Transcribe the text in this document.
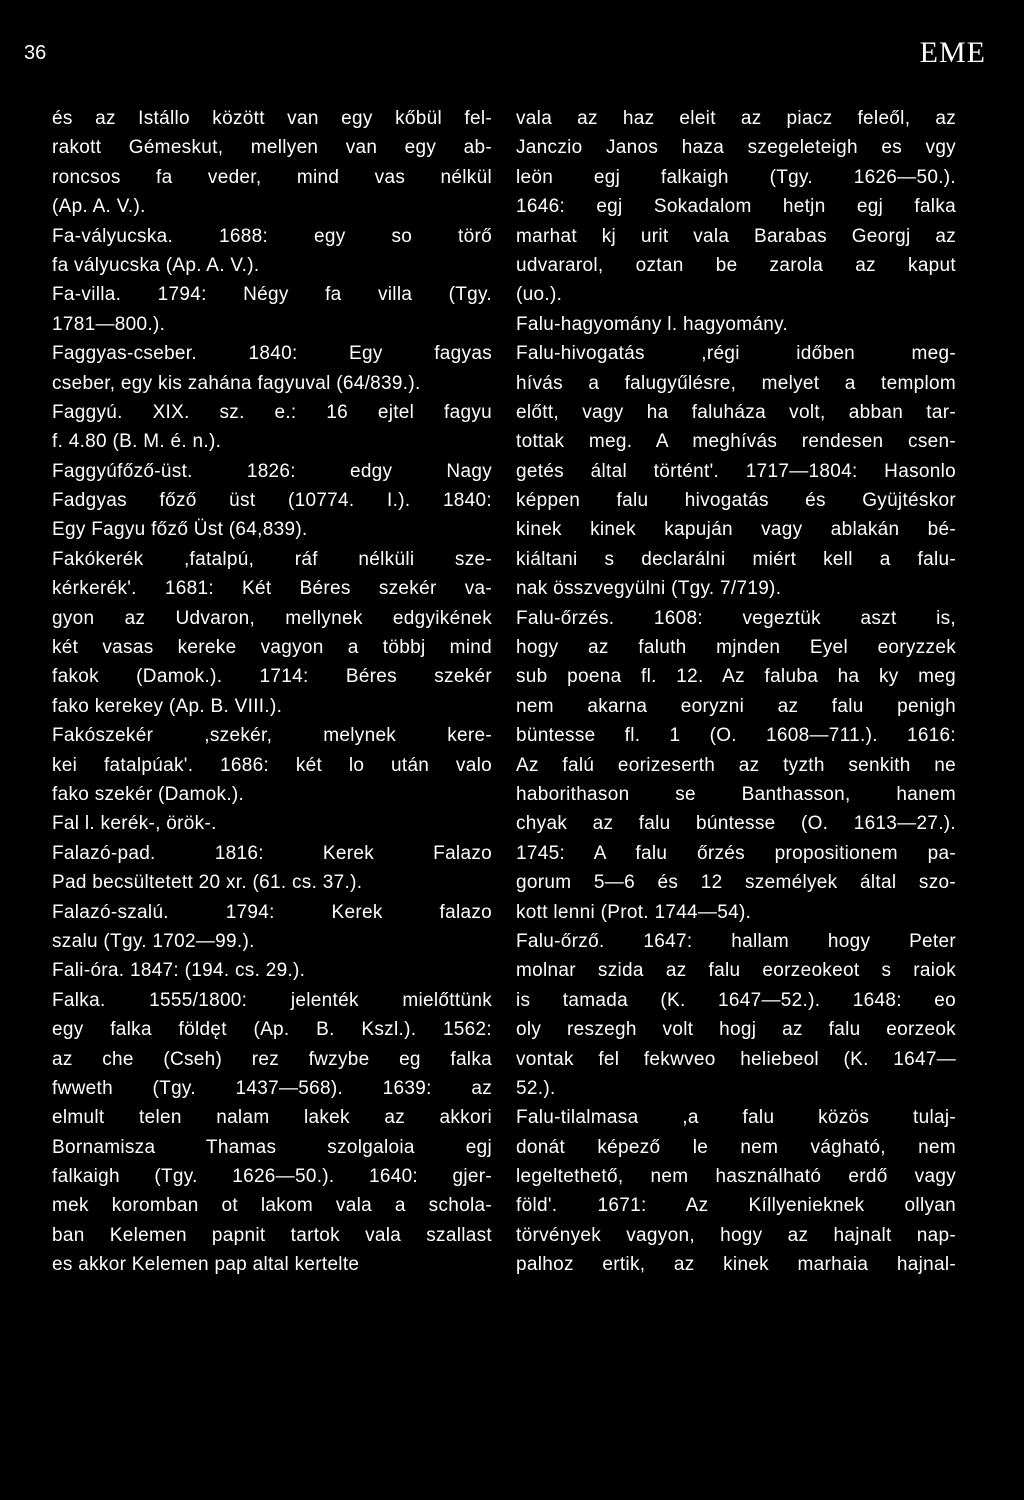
36	EME
és az Istállo között van egy kőbül fel-
rakott Gémeskut, mellyen van egy ab-
roncsos fa veder, mind vas nélkül
(Ap. A. V.).
Fa-vályucska. 1688: egy so törő
fa vályucska (Ap. A. V.).
Fa-villa. 1794: Négy fa villa (Tgy.
1781—800.).
Faggyas-cseber. 1840: Egy fagyas
cseber, egy kis zahána fagyuval (64/839.).
Faggyú. XIX. sz. e.: 16 ejtel fagyu
f. 4.80 (B. M. é. n.).
Faggyúfőző-üst. 1826: edgy Nagy
Fadgyas főző üst (10774. I.). 1840:
Egy Fagyu főző Üst (64,839).
Fakókerék ,fatalpú, ráf nélküli sze-
kérkerék'. 1681: Két Béres szekér va-
gyon az Udvaron, mellynek edgyikének
két vasas kereke vagyon a többj mind
fakok (Damok.). 1714: Béres szekér
fako kerekey (Ap. B. VIII.).
Fakószekér ,szekér, melynek kere-
kei fatalpúak'. 1686: két lo után valo
fako szekér (Damok.).
Fal l. kerék-, örök-.
Falazó-pad. 1816: Kerek Falazo
Pad becsültetett 20 xr. (61. cs. 37.).
Falazó-szalú. 1794: Kerek falazo
szalu (Tgy. 1702—99.).
Fali-óra. 1847: (194. cs. 29.).
Falka. 1555/1800: jelenték mielőttünk
egy falka földęt (Ap. B. Kszl.). 1562:
az che (Cseh) rez fwzybe eg falka
fwweth (Tgy. 1437—568). 1639: az
elmult telen nalam lakek az akkori
Bornamisza Thamas szolgaloia egj
falkaigh (Tgy. 1626—50.). 1640: gjer-
mek koromban ot lakom vala a schola-
ban Kelemen papnit tartok vala szallast
es akkor Kelemen pap altal kertelte
vala az haz eleit az piacz feleől, az
Janczio Janos haza szegeleteigh es vgy
leön egj falkaigh (Tgy. 1626—50.).
1646: egj Sokadalom hetjn egj falka
marhat kj urit vala Barabas Georgj az
udvararol, oztan be zarola az kaput
(uo.).
Falu-hagyomány l. hagyomány.
Falu-hivogatás ,régi időben meg-
hívás a falugyűlésre, melyet a templom
előtt, vagy ha faluháza volt, abban tar-
tottak meg. A meghívás rendesen csen-
getés által történt'. 1717—1804: Hasonlo
képpen falu hivogatás és Gyüjtéskor
kinek kinek kapuján vagy ablakán bé-
kiáltani s declarálni miért kell a falu-
nak összvegyülni (Tgy. 7/719).
Falu-őrzés. 1608: vegeztük aszt is,
hogy az faluth mjnden Eyel eoryzzek
sub poena fl. 12. Az faluba ha ky meg
nem akarna eoryzni az falu penigh
büntesse fl. 1 (O. 1608—711.). 1616:
Az falú eorizeserth az tyzth senkith ne
haborithason se Banthasson, hanem
chyak az falu búntesse (O. 1613—27.).
1745: A falu őrzés propositionem pa-
gorum 5—6 és 12 személyek által szo-
kott lenni (Prot. 1744—54).
Falu-őrző. 1647: hallam hogy Peter
molnar szida az falu eorzeokeot s raiok
is tamada (K. 1647—52.). 1648: eo
oly reszegh volt hogj az falu eorzeok
vontak fel fekwveo heliebeol (K. 1647—
52.).
Falu-tilalmasa ,a falu közös tulaj-
donát képező le nem vágható, nem
legeltethető, nem használható erdő vagy
föld'. 1671: Az Kíllyenieknek ollyan
törvények vagyon, hogy az hajnalt nap-
palhoz ertik, az kinek marhaia hajnal-
